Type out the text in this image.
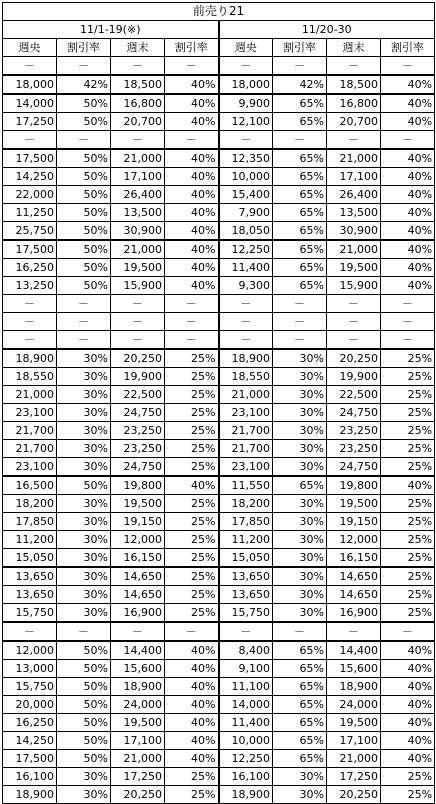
前売り21							
11/1-19(※)				11/20-30			
週央	割引率	週末	割引率	週央	割引率	週末	割引率
－	－	－	－	－	－	－	－
18,000	42%	18,500	40%	18,000	42%	18,500	40%
14,000	50%	16,800	40%	9,900	65%	16,800	40%
17,250	50%	20,700	40%	12,100	65%	20,700	40%
－	－	－	－	－	－	－	－
17,500	50%	21,000	40%	12,350	65%	21,000	40%
14,250	50%	17,100	40%	10,000	65%	17,100	40%
22,000	50%	26,400	40%	15,400	65%	26,400	40%
11,250	50%	13,500	40%	7,900	65%	13,500	40%
25,750	50%	30,900	40%	18,050	65%	30,900	40%
17,500	50%	21,000	40%	12,250	65%	21,000	40%
16,250	50%	19,500	40%	11,400	65%	19,500	40%
13,250	50%	15,900	40%	9,300	65%	15,900	40%
－	－	－	－	－	－	－	－
－	－	－	－	－	－	－	－
－	－	－	－	－	－	－	－
18,900	30%	20,250	25%	18,900	30%	20,250	25%
18,550	30%	19,900	25%	18,550	30%	19,900	25%
21,000	30%	22,500	25%	21,000	30%	22,500	25%
23,100	30%	24,750	25%	23,100	30%	24,750	25%
21,700	30%	23,250	25%	21,700	30%	23,250	25%
21,700	30%	23,250	25%	21,700	30%	23,250	25%
23,100	30%	24,750	25%	23,100	30%	24,750	25%
16,500	50%	19,800	40%	11,550	65%	19,800	40%
18,200	30%	19,500	25%	18,200	30%	19,500	25%
17,850	30%	19,150	25%	17,850	30%	19,150	25%
11,200	30%	12,000	25%	11,200	30%	12,000	25%
15,050	30%	16,150	25%	15,050	30%	16,150	25%
13,650	30%	14,650	25%	13,650	30%	14,650	25%
13,650	30%	14,650	25%	13,650	30%	14,650	25%
15,750	30%	16,900	25%	15,750	30%	16,900	25%
－	－	－	－	－	－	－	－
12,000	50%	14,400	40%	8,400	65%	14,400	40%
13,000	50%	15,600	40%	9,100	65%	15,600	40%
15,750	50%	18,900	40%	11,100	65%	18,900	40%
20,000	50%	24,000	40%	14,000	65%	24,000	40%
16,250	50%	19,500	40%	11,400	65%	19,500	40%
14,250	50%	17,100	40%	10,000	65%	17,100	40%
17,500	50%	21,000	40%	12,250	65%	21,000	40%
16,100	30%	17,250	25%	16,100	30%	17,250	25%
18,900	30%	20,250	25%	18,900	30%	20,250	25%
